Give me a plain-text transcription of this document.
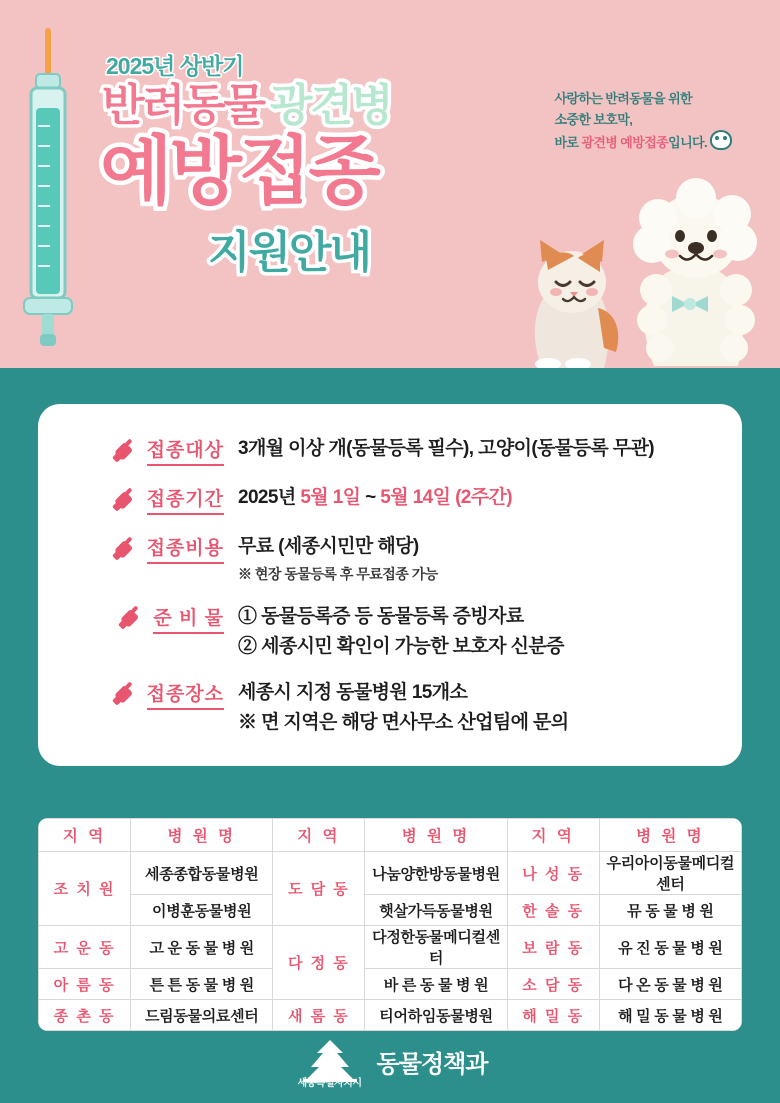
2025년 상반기
반려동물 광견병
예방접종
지원안내
사랑하는 반려동물을 위한
소중한 보호막,
바로 광견병 예방접종입니다.
접종대상 3개월 이상 개(동물등록 필수), 고양이(동물등록 무관)
접종기간 2025년 5월 1일 ~ 5월 14일 (2주간)
접종비용 무료 (세종시민만 해당)
※ 현장 동물등록 후 무료접종 가능
준 비 물 ① 동물등록증 등 동물등록 증빙자료
② 세종시민 확인이 가능한 보호자 신분증
접종장소 세종시 지정 동물병원 15개소
※ 면 지역은 해당 면사무소 산업팀에 문의
지 역	병 원 명	지 역	병 원 명	지 역	병 원 명
조 치 원	세종종합동물병원	도 담 동	나눔양한방동물병원	나 성 동	우리아이동물메디컬센터
	이병훈동물병원		햇살가득동물병원	한 솔 동	뮤 동 물 병 원
고 운 동	고 운 동 물 병 원	다 정 동	다정한동물메디컬센터	보 람 동	유 진 동 물 병 원
아 름 동	튼 튼 동 물 병 원		바 른 동 물 병 원	소 담 동	다 온 동 물 병 원
종 촌 동	드림동물의료센터	새 롬 동	티어하임동물병원	해 밀 동	해 밀 동 물 병 원
세종특별자치시
동물정책과
